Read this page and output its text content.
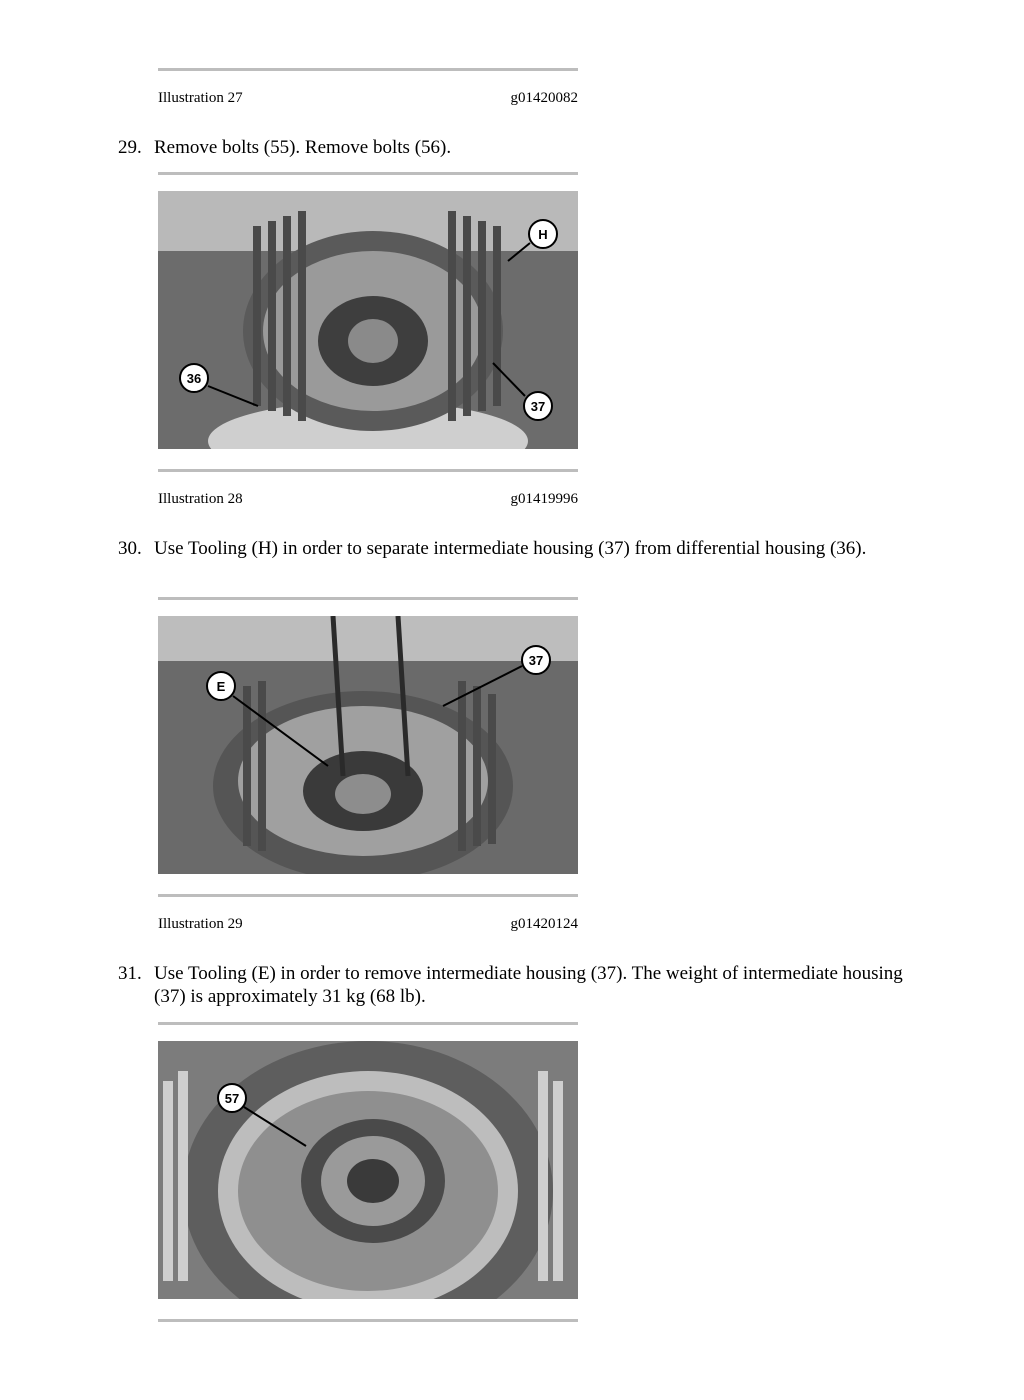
Illustration 27	g01420082
29. Remove bolts (55). Remove bolts (56).
H
36
37
Illustration 28	g01419996
30. Use Tooling (H) in order to separate intermediate housing (37) from differential housing (36).
37
E
Illustration 29	g01420124
31. Use Tooling (E) in order to remove intermediate housing (37). The weight of intermediate housing (37) is approximately 31 kg (68 lb).
57
